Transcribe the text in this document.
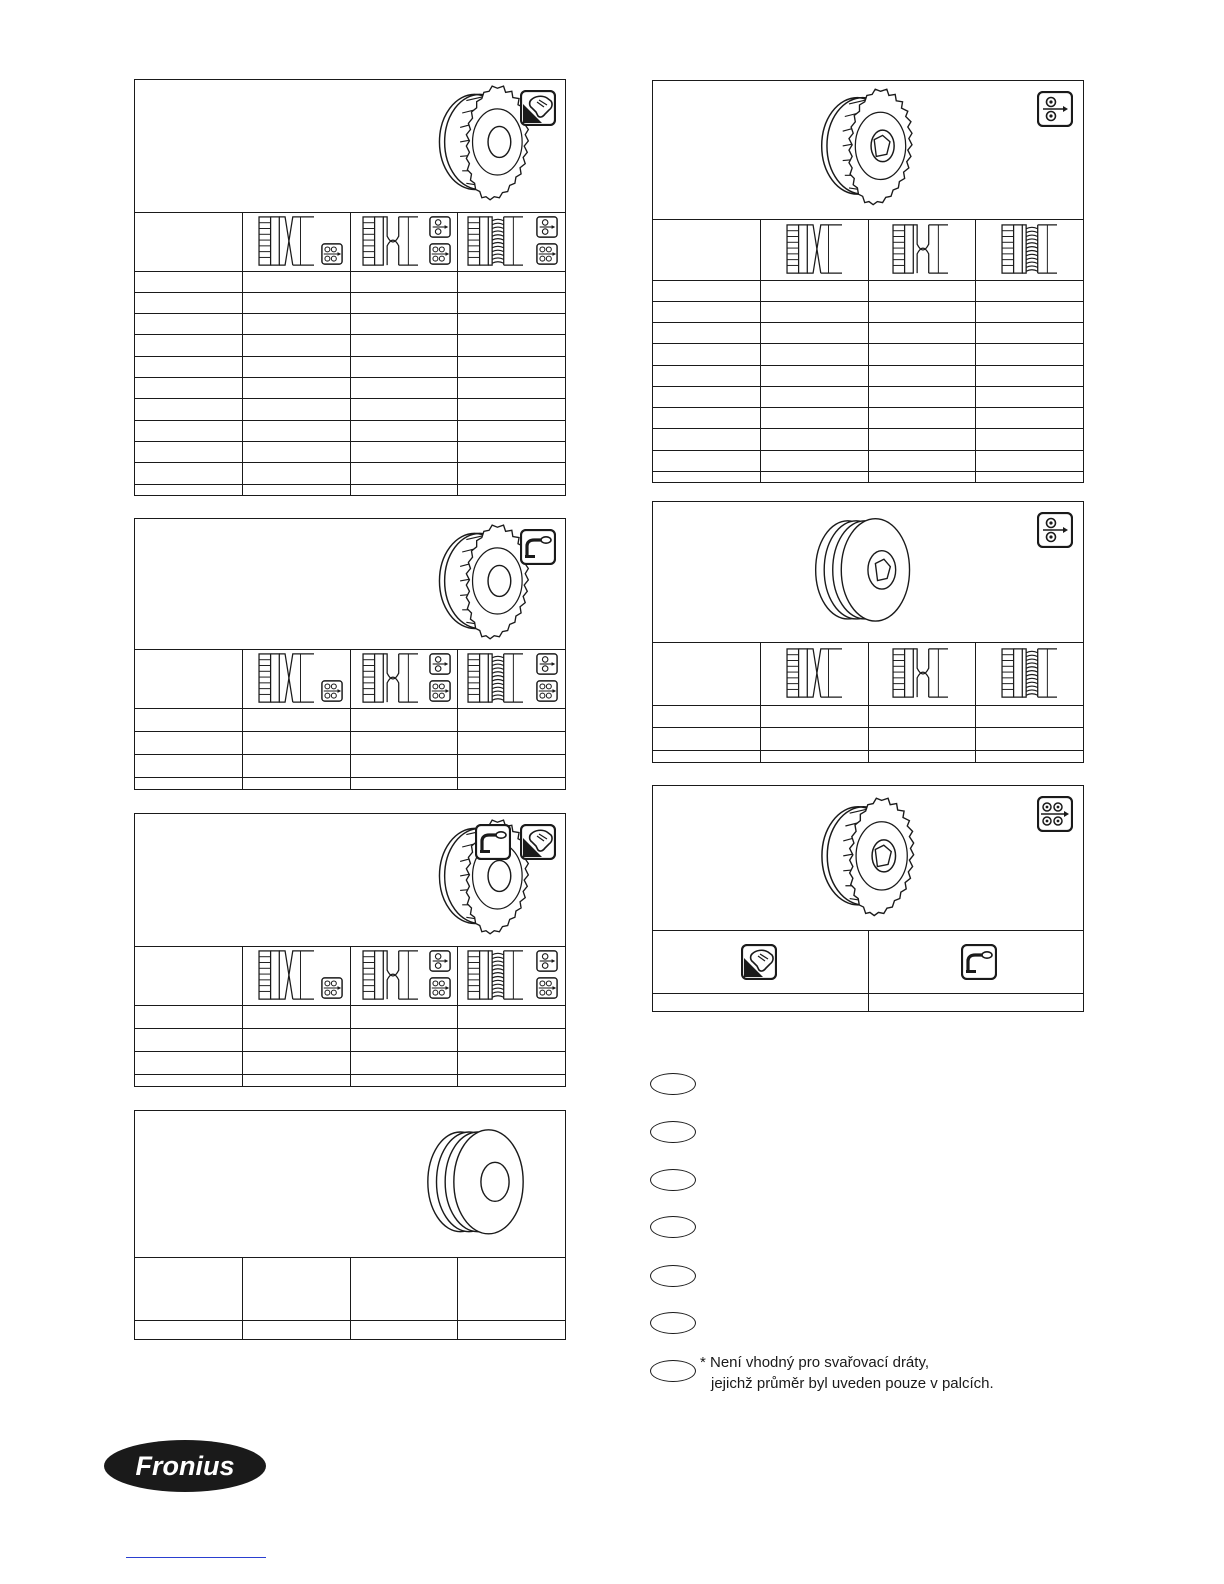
* Není vhodný pro svařovací dráty,
jejichž průměr byl uveden pouze v palcích.
Fronius
